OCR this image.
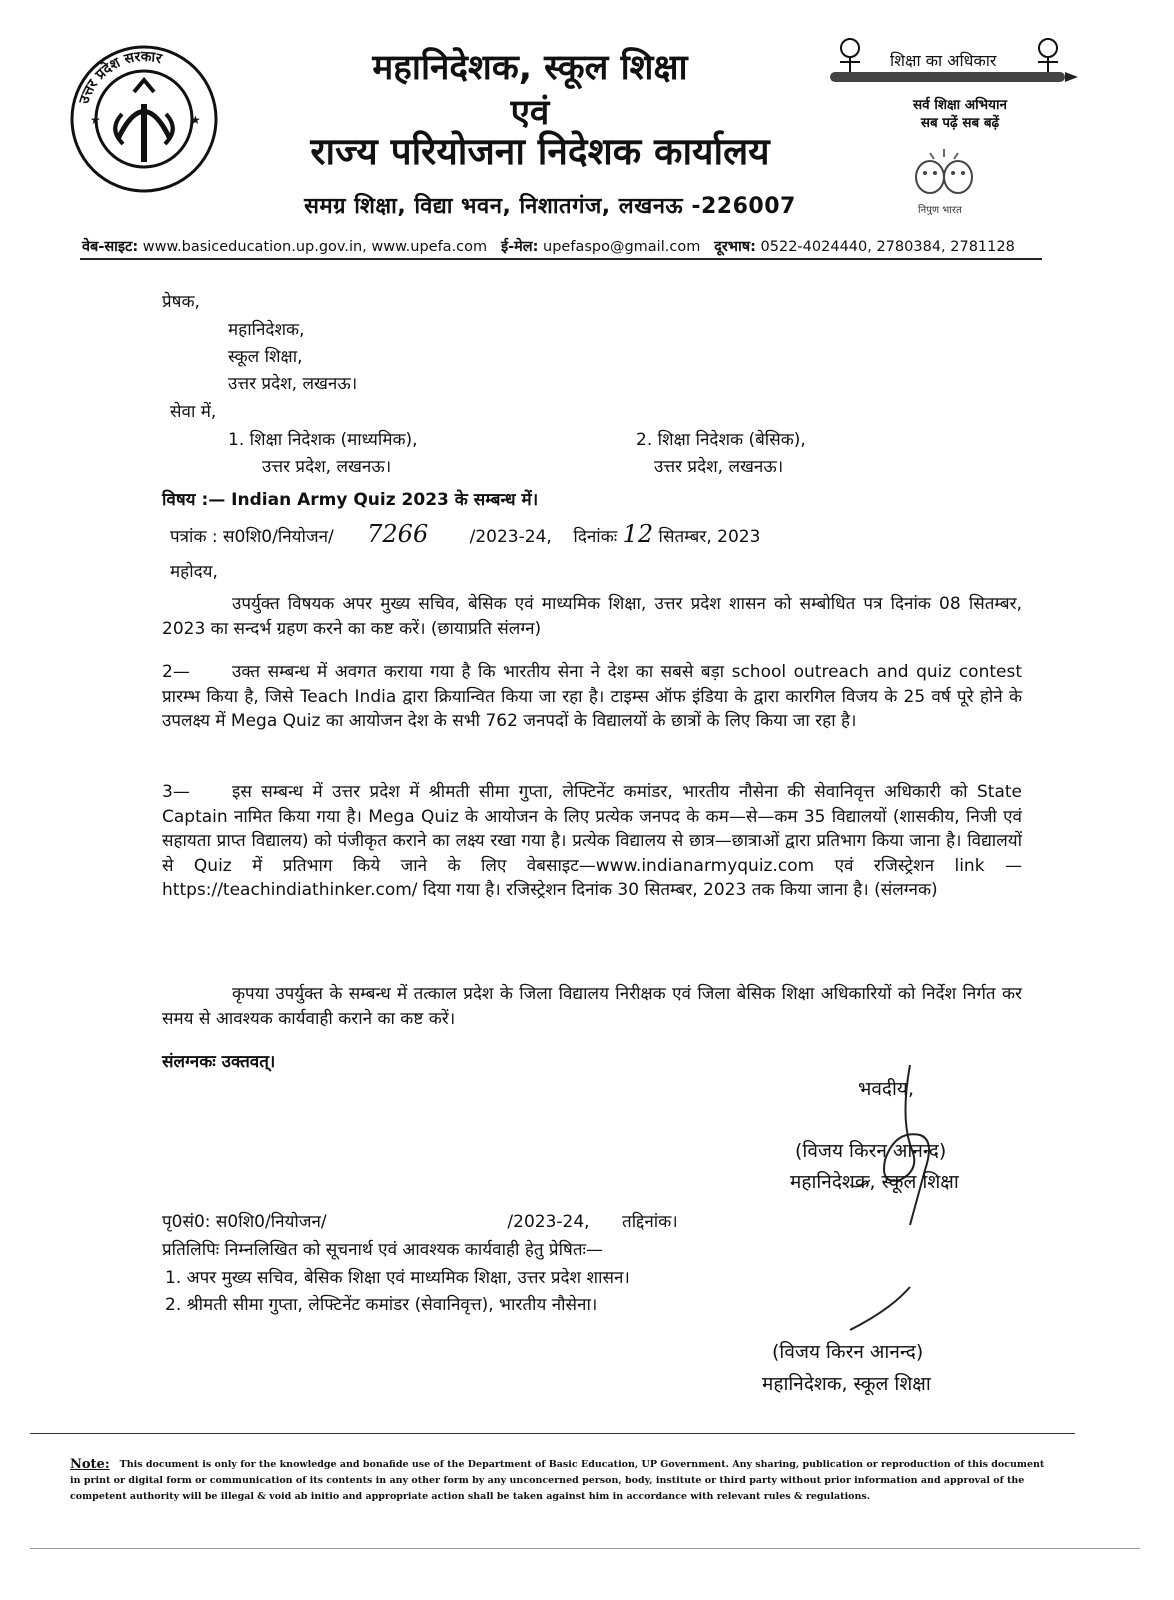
★	★
उत्तर प्रदेश सरकार	महानिदेशक, स्कूल शिक्षा
एवं
राज्य परियोजना निदेशक कार्यालय
समग्र शिक्षा, विद्या भवन, निशातगंज, लखनऊ -226007
शिक्षा का अधिकार
सर्व शिक्षा अभियान
सब पढ़ें सब बढ़ें
निपुण भारत
वेब-साइट: www.basiceducation.up.gov.in, www.upefa.com ई-मेल: upefaspo@gmail.com दूरभाष: 0522-4024440, 2780384, 2781128
प्रेषक,
महानिदेशक,
स्कूल शिक्षा,
उत्तर प्रदेश, लखनऊ।
सेवा में,
1. शिक्षा निदेशक (माध्यमिक),
उत्तर प्रदेश, लखनऊ।
2. शिक्षा निदेशक (बेसिक),
उत्तर प्रदेश, लखनऊ।
विषय :— Indian Army Quiz 2023 के सम्बन्ध में।
पत्रांक : स0शि0/नियोजन/ 7266 /2023-24, दिनांकः 12 सितम्बर, 2023
महोदय,
उपर्युक्त विषयक अपर मुख्य सचिव, बेसिक एवं माध्यमिक शिक्षा, उत्तर प्रदेश शासन को सम्बोधित पत्र दिनांक 08 सितम्बर, 2023 का सन्दर्भ ग्रहण करने का कष्ट करें। (छायाप्रति संलग्न)
2— उक्त सम्बन्ध में अवगत कराया गया है कि भारतीय सेना ने देश का सबसे बड़ा school outreach and quiz contest प्रारम्भ किया है, जिसे Teach India द्वारा क्रियान्वित किया जा रहा है। टाइम्स ऑफ इंडिया के द्वारा कारगिल विजय के 25 वर्ष पूरे होने के उपलक्ष्य में Mega Quiz का आयोजन देश के सभी 762 जनपदों के विद्यालयों के छात्रों के लिए किया जा रहा है।
3— इस सम्बन्ध में उत्तर प्रदेश में श्रीमती सीमा गुप्ता, लेफ्टिनेंट कमांडर, भारतीय नौसेना की सेवानिवृत्त अधिकारी को State Captain नामित किया गया है। Mega Quiz के आयोजन के लिए प्रत्येक जनपद के कम—से—कम 35 विद्यालयों (शासकीय, निजी एवं सहायता प्राप्त विद्यालय) को पंजीकृत कराने का लक्ष्य रखा गया है। प्रत्येक विद्यालय से छात्र—छात्राओं द्वारा प्रतिभाग किया जाना है। विद्यालयों से Quiz में प्रतिभाग किये जाने के लिए वेबसाइट—www.indianarmyquiz.com एवं रजिस्ट्रेशन link — https://teachindiathinker.com/ दिया गया है। रजिस्ट्रेशन दिनांक 30 सितम्बर, 2023 तक किया जाना है। (संलग्नक)
कृपया उपर्युक्त के सम्बन्ध में तत्काल प्रदेश के जिला विद्यालय निरीक्षक एवं जिला बेसिक शिक्षा अधिकारियों को निर्देश निर्गत कर समय से आवश्यक कार्यवाही कराने का कष्ट करें।
संलग्नकः उक्तवत्।
भवदीय,
(विजय किरन आनन्द)
महानिदेशक, स्कूल शिक्षा
पृ0सं0: स0शि0/नियोजन/	/2023-24, तद्दिनांक।
प्रतिलिपिः निम्नलिखित को सूचनार्थ एवं आवश्यक कार्यवाही हेतु प्रेषितः—
1. अपर मुख्य सचिव, बेसिक शिक्षा एवं माध्यमिक शिक्षा, उत्तर प्रदेश शासन।
2. श्रीमती सीमा गुप्ता, लेफ्टिनेंट कमांडर (सेवानिवृत्त), भारतीय नौसेना।
(विजय किरन आनन्द)
महानिदेशक, स्कूल शिक्षा
Note: This document is only for the knowledge and bonafide use of the Department of Basic Education, UP Government. Any sharing, publication or reproduction of this document in print or digital form or communication of its contents in any other form by any unconcerned person, body, institute or third party without prior information and approval of the competent authority will be illegal & void ab initio and appropriate action shall be taken against him in accordance with relevant rules & regulations.
